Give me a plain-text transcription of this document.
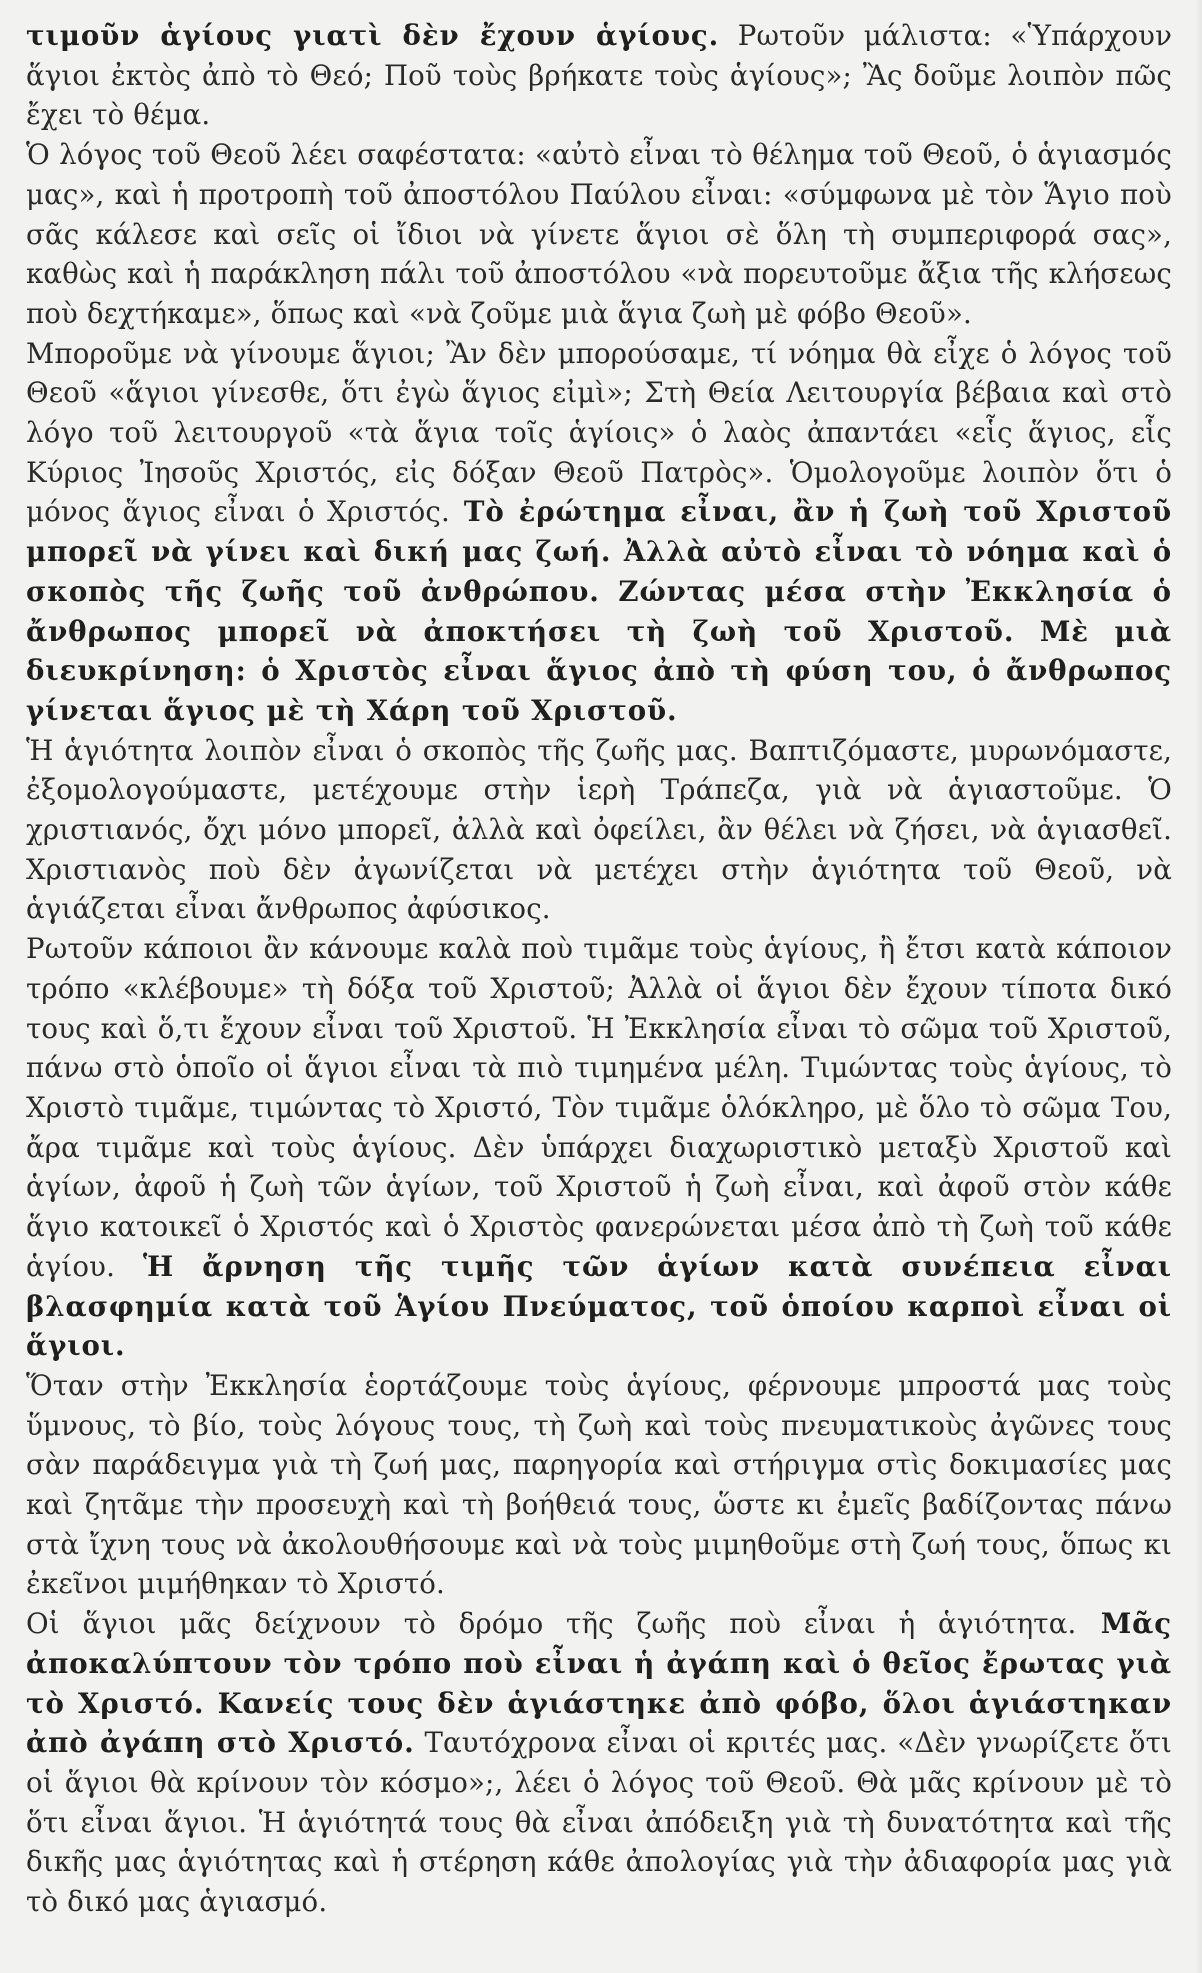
τιμοῦν ἁγίους γιατὶ δὲν ἔχουν ἁγίους. Ρωτοῦν μάλιστα: «Ὑπάρχουν ἅγιοι ἐκτὸς ἀπὸ τὸ Θεό; Ποῦ τοὺς βρήκατε τοὺς ἁγίους»; Ἂς δοῦμε λοιπὸν πῶς ἔχει τὸ θέμα.

Ὁ λόγος τοῦ Θεοῦ λέει σαφέστατα: «αὐτὸ εἶναι τὸ θέλημα τοῦ Θεοῦ, ὁ ἁγιασμός μας», καὶ ἡ προτροπὴ τοῦ ἀποστόλου Παύλου εἶναι: «σύμφωνα μὲ τὸν Ἅγιο ποὺ σᾶς κάλεσε καὶ σεῖς οἱ ἴδιοι νὰ γίνετε ἅγιοι σὲ ὅλη τὴ συμπεριφορά σας», καθὼς καὶ ἡ παράκληση πάλι τοῦ ἀποστόλου «νὰ πορευτοῦμε ἄξια τῆς κλήσεως ποὺ δεχτήκαμε», ὅπως καὶ «νὰ ζοῦμε μιὰ ἅγια ζωὴ μὲ φόβο Θεοῦ».

Μποροῦμε νὰ γίνουμε ἅγιοι; Ἂν δὲν μπορούσαμε, τί νόημα θὰ εἶχε ὁ λόγος τοῦ Θεοῦ «ἅγιοι γίνεσθε, ὅτι ἐγὼ ἅγιος εἰμὶ»; Στὴ Θεία Λειτουργία βέβαια καὶ στὸ λόγο τοῦ λειτουργοῦ «τὰ ἅγια τοῖς ἁγίοις» ὁ λαὸς ἀπαντάει «εἷς ἅγιος, εἷς Κύριος Ἰησοῦς Χριστός, εἰς δόξαν Θεοῦ Πατρὸς». Ὁμολογοῦμε λοιπὸν ὅτι ὁ μόνος ἅγιος εἶναι ὁ Χριστός. Τὸ ἐρώτημα εἶναι, ἂν ἡ ζωὴ τοῦ Χριστοῦ μπορεῖ νὰ γίνει καὶ δική μας ζωή. Ἀλλὰ αὐτὸ εἶναι τὸ νόημα καὶ ὁ σκοπὸς τῆς ζωῆς τοῦ ἀνθρώπου. Ζώντας μέσα στὴν Ἐκκλησία ὁ ἄνθρωπος μπορεῖ νὰ ἀποκτήσει τὴ ζωὴ τοῦ Χριστοῦ. Μὲ μιὰ διευκρίνηση: ὁ Χριστὸς εἶναι ἅγιος ἀπὸ τὴ φύση του, ὁ ἄνθρωπος γίνεται ἅγιος μὲ τὴ Χάρη τοῦ Χριστοῦ.

Ἡ ἁγιότητα λοιπὸν εἶναι ὁ σκοπὸς τῆς ζωῆς μας. Βαπτιζόμαστε, μυρωνόμαστε, ἐξομολογούμαστε, μετέχουμε στὴν ἱερὴ Τράπεζα, γιὰ νὰ ἁγιαστοῦμε. Ὁ χριστιανός, ὄχι μόνο μπορεῖ, ἀλλὰ καὶ ὀφείλει, ἂν θέλει νὰ ζήσει, νὰ ἁγιασθεῖ. Χριστιανὸς ποὺ δὲν ἀγωνίζεται νὰ μετέχει στὴν ἁγιότητα τοῦ Θεοῦ, νὰ ἁγιάζεται εἶναι ἄνθρωπος ἀφύσικος.

Ρωτοῦν κάποιοι ἂν κάνουμε καλὰ ποὺ τιμᾶμε τοὺς ἁγίους, ἢ ἔτσι κατὰ κάποιον τρόπο «κλέβουμε» τὴ δόξα τοῦ Χριστοῦ; Ἀλλὰ οἱ ἅγιοι δὲν ἔχουν τίποτα δικό τους καὶ ὅ,τι ἔχουν εἶναι τοῦ Χριστοῦ. Ἡ Ἐκκλησία εἶναι τὸ σῶμα τοῦ Χριστοῦ, πάνω στὸ ὁποῖο οἱ ἅγιοι εἶναι τὰ πιὸ τιμημένα μέλη. Τιμώντας τοὺς ἁγίους, τὸ Χριστὸ τιμᾶμε, τιμώντας τὸ Χριστό, Τὸν τιμᾶμε ὁλόκληρο, μὲ ὅλο τὸ σῶμα Του, ἄρα τιμᾶμε καὶ τοὺς ἁγίους. Δὲν ὑπάρχει διαχωριστικὸ μεταξὺ Χριστοῦ καὶ ἁγίων, ἀφοῦ ἡ ζωὴ τῶν ἁγίων, τοῦ Χριστοῦ ἡ ζωὴ εἶναι, καὶ ἀφοῦ στὸν κάθε ἅγιο κατοικεῖ ὁ Χριστός καὶ ὁ Χριστὸς φανερώνεται μέσα ἀπὸ τὴ ζωὴ τοῦ κάθε ἁγίου. Ἡ ἄρνηση τῆς τιμῆς τῶν ἁγίων κατὰ συνέπεια εἶναι βλασφημία κατὰ τοῦ Ἁγίου Πνεύματος, τοῦ ὁποίου καρποὶ εἶναι οἱ ἅγιοι.

Ὅταν στὴν Ἐκκλησία ἑορτάζουμε τοὺς ἁγίους, φέρνουμε μπροστά μας τοὺς ὕμνους, τὸ βίο, τοὺς λόγους τους, τὴ ζωὴ καὶ τοὺς πνευματικοὺς ἀγῶνες τους σὰν παράδειγμα γιὰ τὴ ζωή μας, παρηγορία καὶ στήριγμα στὶς δοκιμασίες μας καὶ ζητᾶμε τὴν προσευχὴ καὶ τὴ βοήθειά τους, ὥστε κι ἐμεῖς βαδίζοντας πάνω στὰ ἴχνη τους νὰ ἀκολουθήσουμε καὶ νὰ τοὺς μιμηθοῦμε στὴ ζωή τους, ὅπως κι ἐκεῖνοι μιμήθηκαν τὸ Χριστό.

Οἱ ἅγιοι μᾶς δείχνουν τὸ δρόμο τῆς ζωῆς ποὺ εἶναι ἡ ἁγιότητα. Μᾶς ἀποκαλύπτουν τὸν τρόπο ποὺ εἶναι ἡ ἀγάπη καὶ ὁ θεῖος ἔρωτας γιὰ τὸ Χριστό. Κανείς τους δὲν ἁγιάστηκε ἀπὸ φόβο, ὅλοι ἁγιάστηκαν ἀπὸ ἀγάπη στὸ Χριστό. Ταυτόχρονα εἶναι οἱ κριτές μας. «Δὲν γνωρίζετε ὅτι οἱ ἅγιοι θὰ κρίνουν τὸν κόσμο»;, λέει ὁ λόγος τοῦ Θεοῦ. Θὰ μᾶς κρίνουν μὲ τὸ ὅτι εἶναι ἅγιοι. Ἡ ἁγιότητά τους θὰ εἶναι ἀπόδειξη γιὰ τὴ δυνατότητα καὶ τῆς δικῆς μας ἁγιότητας καὶ ἡ στέρηση κάθε ἀπολογίας γιὰ τὴν ἀδιαφορία μας γιὰ τὸ δικό μας ἁγιασμό.
